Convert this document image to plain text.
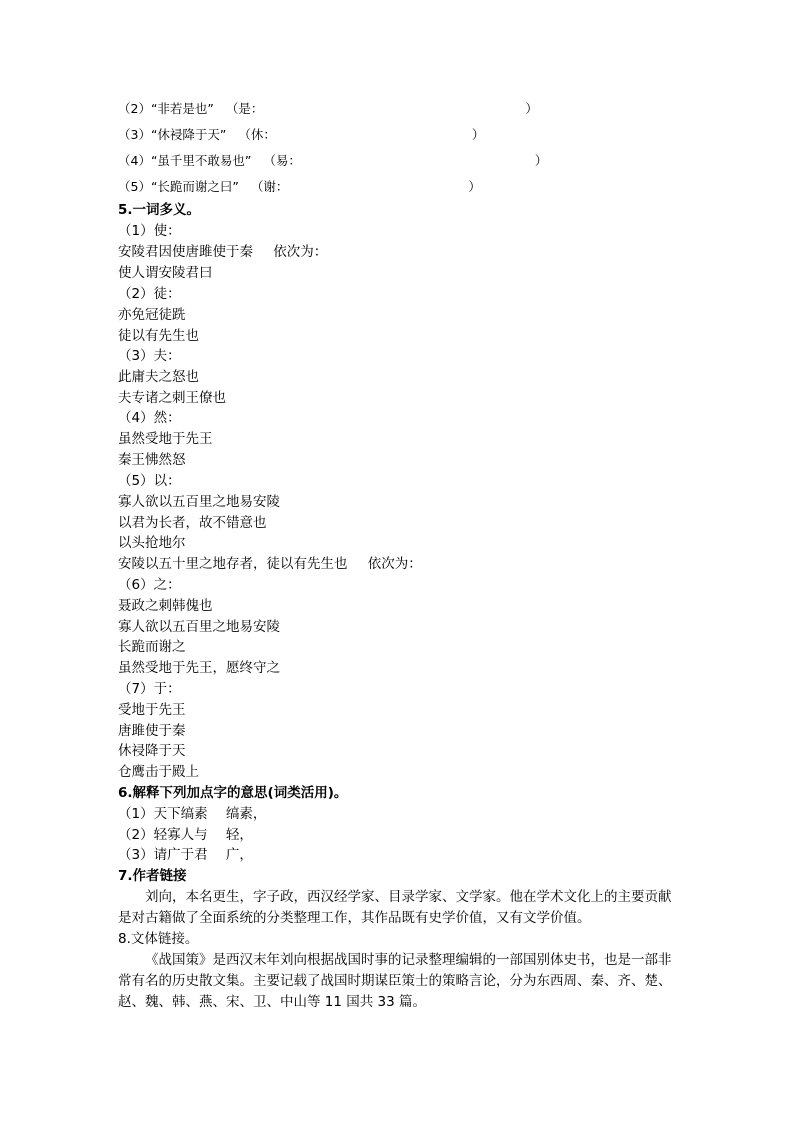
（2）“非若是也” （是：	）
（3）“休祲降于天” （休：	）
（4）“虽千里不敢易也” （易：	）
（5）“长跪而谢之曰” （谢：	）
5.一词多义。
（1）使：
安陵君因使唐雎使于秦 依次为：
使人谓安陵君曰
（2）徒：
亦免冠徒跣
徒以有先生也
（3）夫：
此庸夫之怒也
夫专诸之刺王僚也
（4）然：
虽然受地于先王
秦王怫然怒
（5）以：
寡人欲以五百里之地易安陵
以君为长者，故不错意也
以头抢地尔
安陵以五十里之地存者，徒以有先生也 依次为：
（6）之：
聂政之刺韩傀也
寡人欲以五百里之地易安陵
长跪而谢之
虽然受地于先王，愿终守之
（7）于：
受地于先王
唐雎使于秦
休祲降于天
仓鹰击于殿上
6.解释下列加点字的意思(词类活用)。
（1）天下缟素 缟素，
（2）轻寡人与 轻，
（3）请广于君 广，
7.作者链接
刘向，本名更生，字子政，西汉经学家、目录学家、文学家。他在学术文化上的主要贡献是对古籍做了全面系统的分类整理工作，其作品既有史学价值，又有文学价值。
8.文体链接。
《战国策》是西汉末年刘向根据战国时事的记录整理编辑的一部国别体史书，也是一部非常有名的历史散文集。主要记载了战国时期谋臣策士的策略言论，分为东西周、秦、齐、楚、赵、魏、韩、燕、宋、卫、中山等 11 国共 33 篇。
